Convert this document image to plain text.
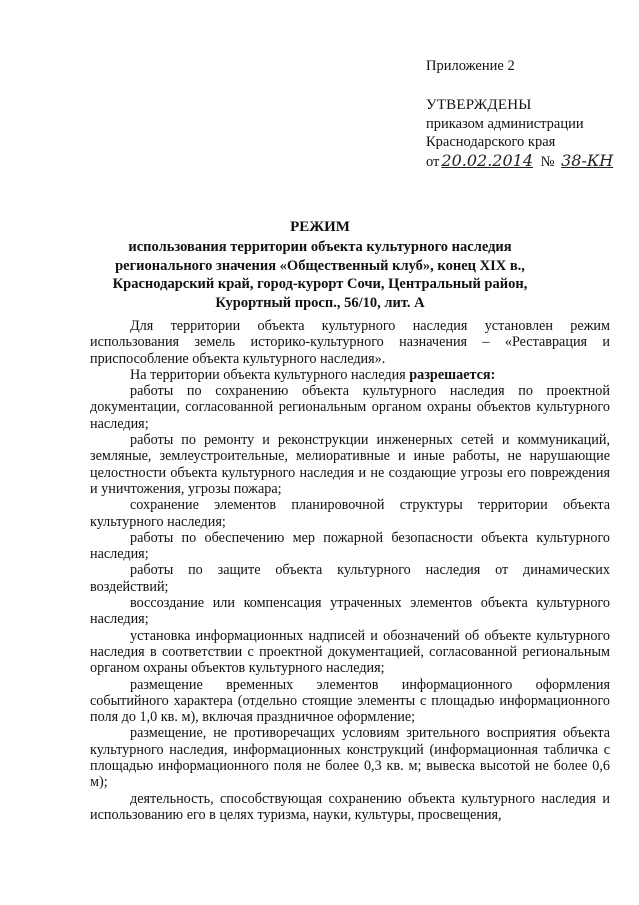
Приложение 2
УТВЕРЖДЕНЫ
приказом администрации
Краснодарского края
от 20.02.2014 № 38-КН
РЕЖИМ
использования территории объекта культурного наследия
регионального значения «Общественный клуб», конец XIX в.,
Краснодарский край, город-курорт Сочи, Центральный район,
Курортный просп., 56/10, лит. А

Для территории объекта культурного наследия установлен режим использования земель историко-культурного назначения – «Реставрация и приспособление объекта культурного наследия».

На территории объекта культурного наследия разрешается:

работы по сохранению объекта культурного наследия по проектной документации, согласованной региональным органом охраны объектов культурного наследия;

работы по ремонту и реконструкции инженерных сетей и коммуникаций, земляные, землеустроительные, мелиоративные и иные работы, не нарушающие целостности объекта культурного наследия и не создающие угрозы его повреждения и уничтожения, угрозы пожара;

сохранение элементов планировочной структуры территории объекта культурного наследия;

работы по обеспечению мер пожарной безопасности объекта культурного наследия;

работы по защите объекта культурного наследия от динамических воздействий;

воссоздание или компенсация утраченных элементов объекта культурного наследия;

установка информационных надписей и обозначений об объекте культурного наследия в соответствии с проектной документацией, согласованной региональным органом охраны объектов культурного наследия;

размещение временных элементов информационного оформления событийного характера (отдельно стоящие элементы с площадью информационного поля до 1,0 кв. м), включая праздничное оформление;

размещение, не противоречащих условиям зрительного восприятия объекта культурного наследия, информационных конструкций (информационная табличка с площадью информационного поля не более 0,3 кв. м; вывеска высотой не более 0,6 м);

деятельность, способствующая сохранению объекта культурного наследия и использованию его в целях туризма, науки, культуры, просвещения,
